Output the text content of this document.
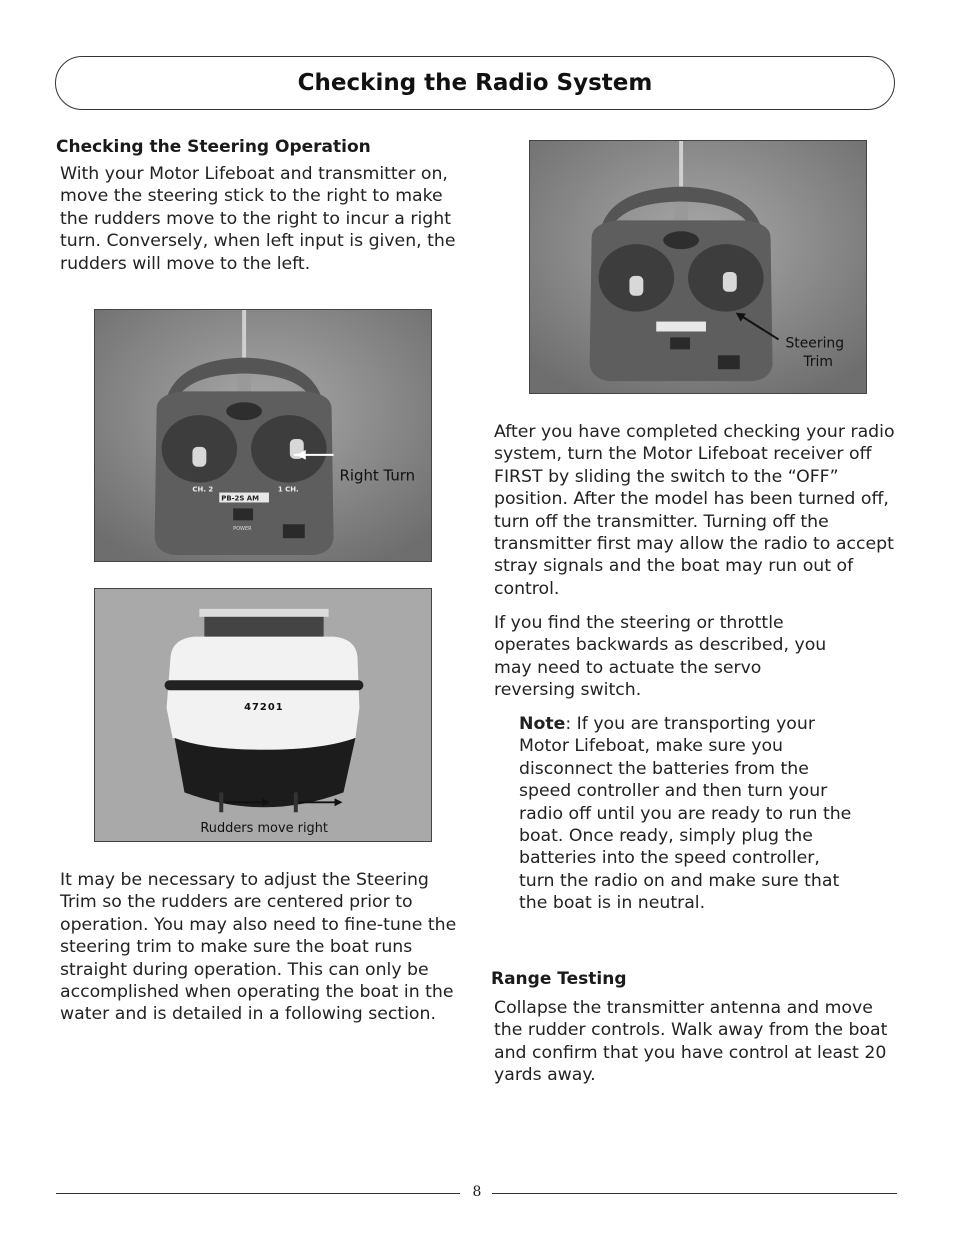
Checking the Radio System
Checking the Steering Operation

With your Motor Lifeboat and transmitter on, move the steering stick to the right to make the rudders move to the right to incur a right turn. Conversely, when left input is given, the rudders will move to the left.

CH. 2	1 CH.
PB-2S AM
POWER
Right Turn
47201
Rudders move right

It may be necessary to adjust the Steering Trim so the rudders are centered prior to operation. You may also need to fine-tune the steering trim to make sure the boat runs straight during operation. This can only be accomplished when operating the boat in the water and is detailed in a following section.

Steering
Trim

After you have completed checking your radio system, turn the Motor Lifeboat receiver off FIRST by sliding the switch to the “OFF” position. After the model has been turned off, turn off the transmitter. Turning off the transmitter first may allow the radio to accept stray signals and the boat may run out of control.

If you find the steering or throttle operates backwards as described, you may need to actuate the servo reversing switch.

Note: If you are transporting your Motor Lifeboat, make sure you disconnect the batteries from the speed controller and then turn your radio off until you are ready to run the boat. Once ready, simply plug the batteries into the speed controller, turn the radio on and make sure that the boat is in neutral.

Range Testing

Collapse the transmitter antenna and move the rudder controls. Walk away from the boat and confirm that you have control at least 20 yards away.

8
